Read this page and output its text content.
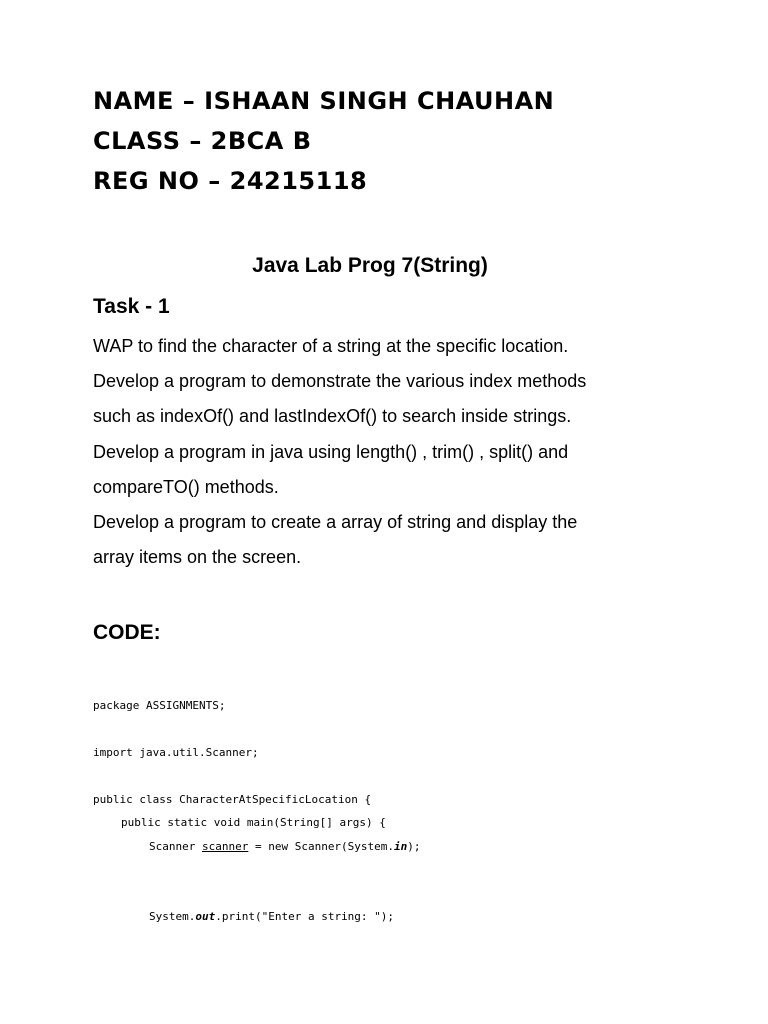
NAME – ISHAAN SINGH CHAUHAN
CLASS – 2BCA B
REG NO – 24215118
Java Lab Prog 7(String)
Task - 1
WAP to find the character of a string at the specific location.
Develop a program to demonstrate the various index methods
such as indexOf() and lastIndexOf() to search inside strings.
Develop a program in java using length() , trim() , split() and
compareTO() methods.
Develop a program to create a array of string and display the
array items on the screen.
CODE:
package ASSIGNMENTS;
import java.util.Scanner;
public class CharacterAtSpecificLocation {
public static void main(String[] args) {
Scanner scanner = new Scanner(System.in);
System.out.print("Enter a string: ");
